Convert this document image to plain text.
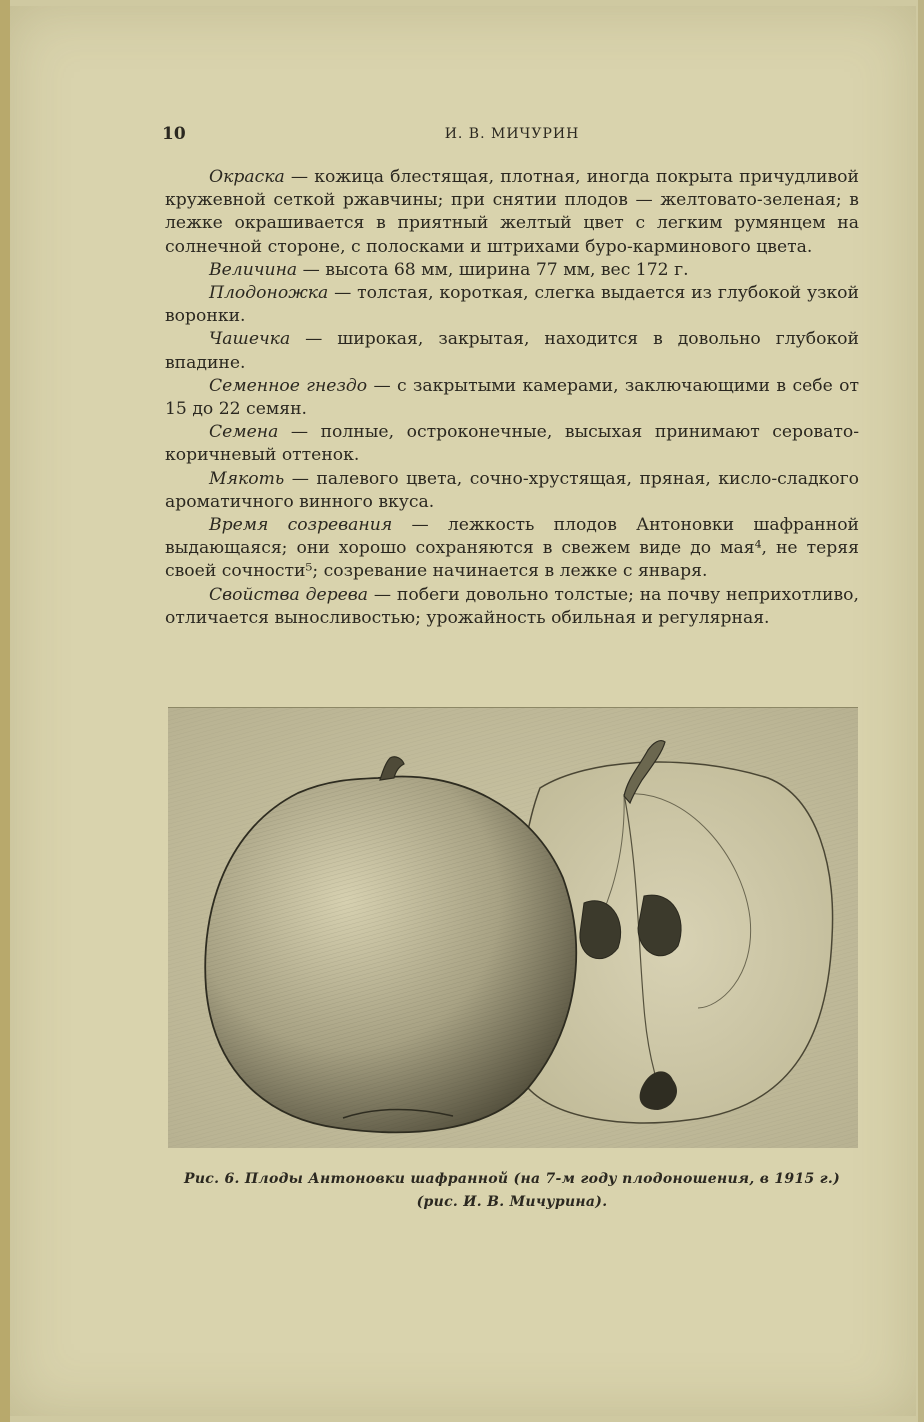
10	И. В. МИЧУРИН

Окраска — кожица блестящая, плотная, иногда покрыта причудливой кружевной сеткой ржавчины; при снятии плодов — желтовато-зеленая; в лежке окрашивается в приятный желтый цвет с легким румянцем на солнечной стороне, с полосками и штрихами буро-карминового цвета.

Величина — высота 68 мм, ширина 77 мм, вес 172 г.

Плодоножка — толстая, короткая, слегка выдается из глубокой узкой воронки.

Чашечка — широкая, закрытая, находится в довольно глубокой впадине.

Семенное гнездо — с закрытыми камерами, заключающими в себе от 15 до 22 семян.

Семена — полные, остроконечные, высыхая принимают серовато-коричневый оттенок.

Мякоть — палевого цвета, сочно-хрустящая, пряная, кисло-сладкого ароматичного винного вкуса.

Время созревания — лежкость плодов Антоновки шафранной выдающаяся; они хорошо сохраняются в свежем виде до мая⁴, не теряя своей сочности⁵; созревание начинается в лежке с января.

Свойства дерева — побеги довольно толстые; на почву неприхотливо, отличается выносливостью; урожайность обильная и регулярная.

Рис. 6. Плоды Антоновки шафранной (на 7-м году плодоношения, в 1915 г.)

(рис. И. В. Мичурина).
